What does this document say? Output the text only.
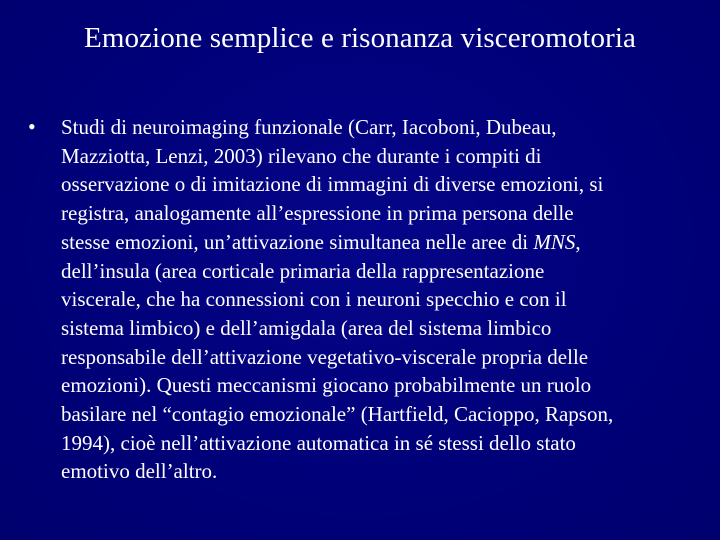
Emozione semplice e risonanza visceromotoria
• Studi di neuroimaging funzionale (Carr, Iacoboni, Dubeau,
Mazziotta, Lenzi, 2003) rilevano che durante i compiti di
osservazione o di imitazione di immagini di diverse emozioni, si
registra, analogamente all’espressione in prima persona delle
stesse emozioni, un’attivazione simultanea nelle aree di MNS,
dell’insula (area corticale primaria della rappresentazione
viscerale, che ha connessioni con i neuroni specchio e con il
sistema limbico) e dell’amigdala (area del sistema limbico
responsabile dell’attivazione vegetativo-viscerale propria delle
emozioni). Questi meccanismi giocano probabilmente un ruolo
basilare nel “contagio emozionale” (Hartfield, Cacioppo, Rapson,
1994), cioè nell’attivazione automatica in sé stessi dello stato
emotivo dell’altro.
